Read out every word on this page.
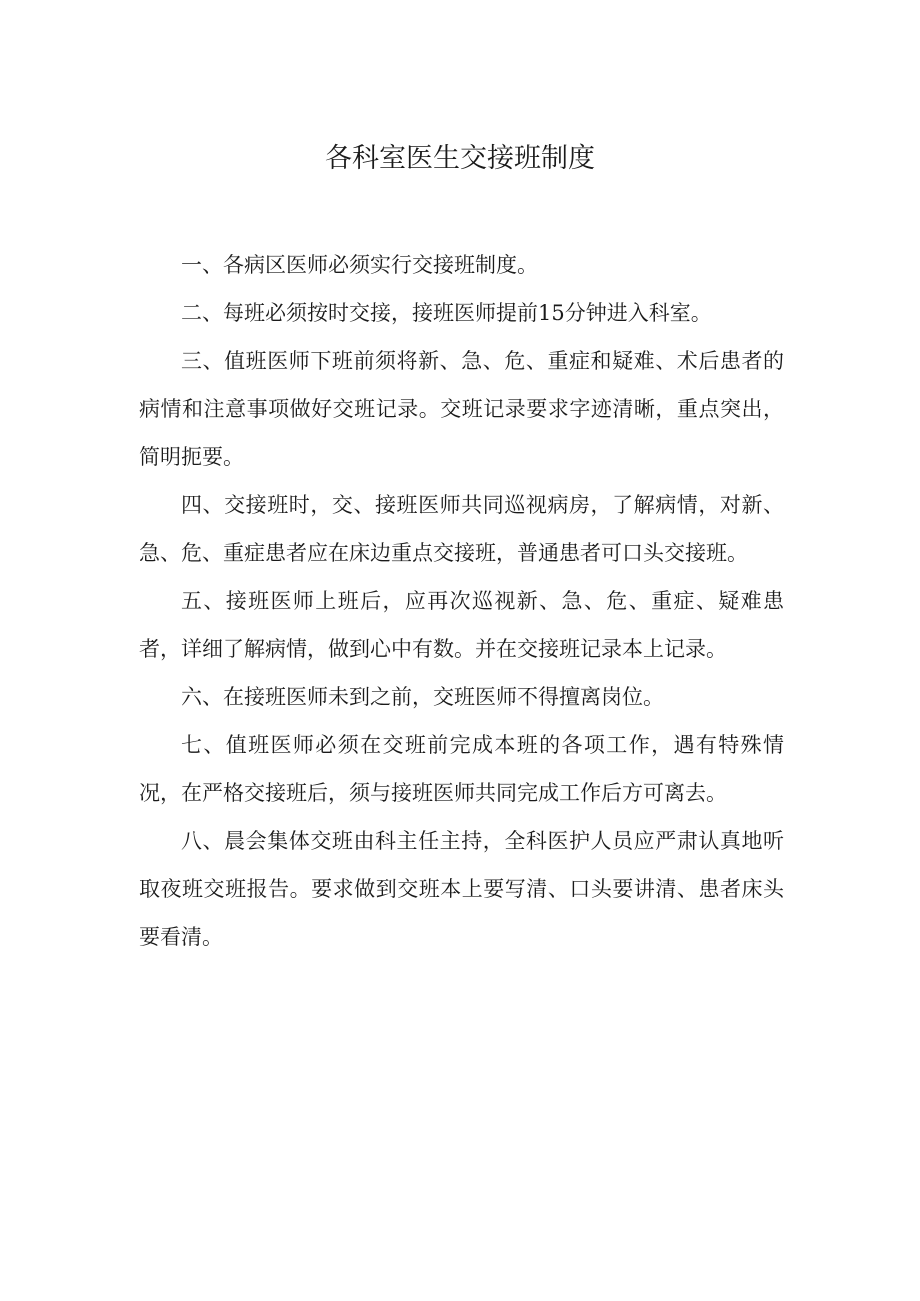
各科室医生交接班制度

一、各病区医师必须实行交接班制度。

二、每班必须按时交接，接班医师提前15分钟进入科室。

三、值班医师下班前须将新、急、危、重症和疑难、术后患者的病情和注意事项做好交班记录。交班记录要求字迹清晰，重点突出，简明扼要。

四、交接班时，交、接班医师共同巡视病房，了解病情，对新、急、危、重症患者应在床边重点交接班，普通患者可口头交接班。

五、接班医师上班后，应再次巡视新、急、危、重症、疑难患者，详细了解病情，做到心中有数。并在交接班记录本上记录。

六、在接班医师未到之前，交班医师不得擅离岗位。

七、值班医师必须在交班前完成本班的各项工作，遇有特殊情况，在严格交接班后，须与接班医师共同完成工作后方可离去。

八、晨会集体交班由科主任主持，全科医护人员应严肃认真地听取夜班交班报告。要求做到交班本上要写清、口头要讲清、患者床头要看清。
